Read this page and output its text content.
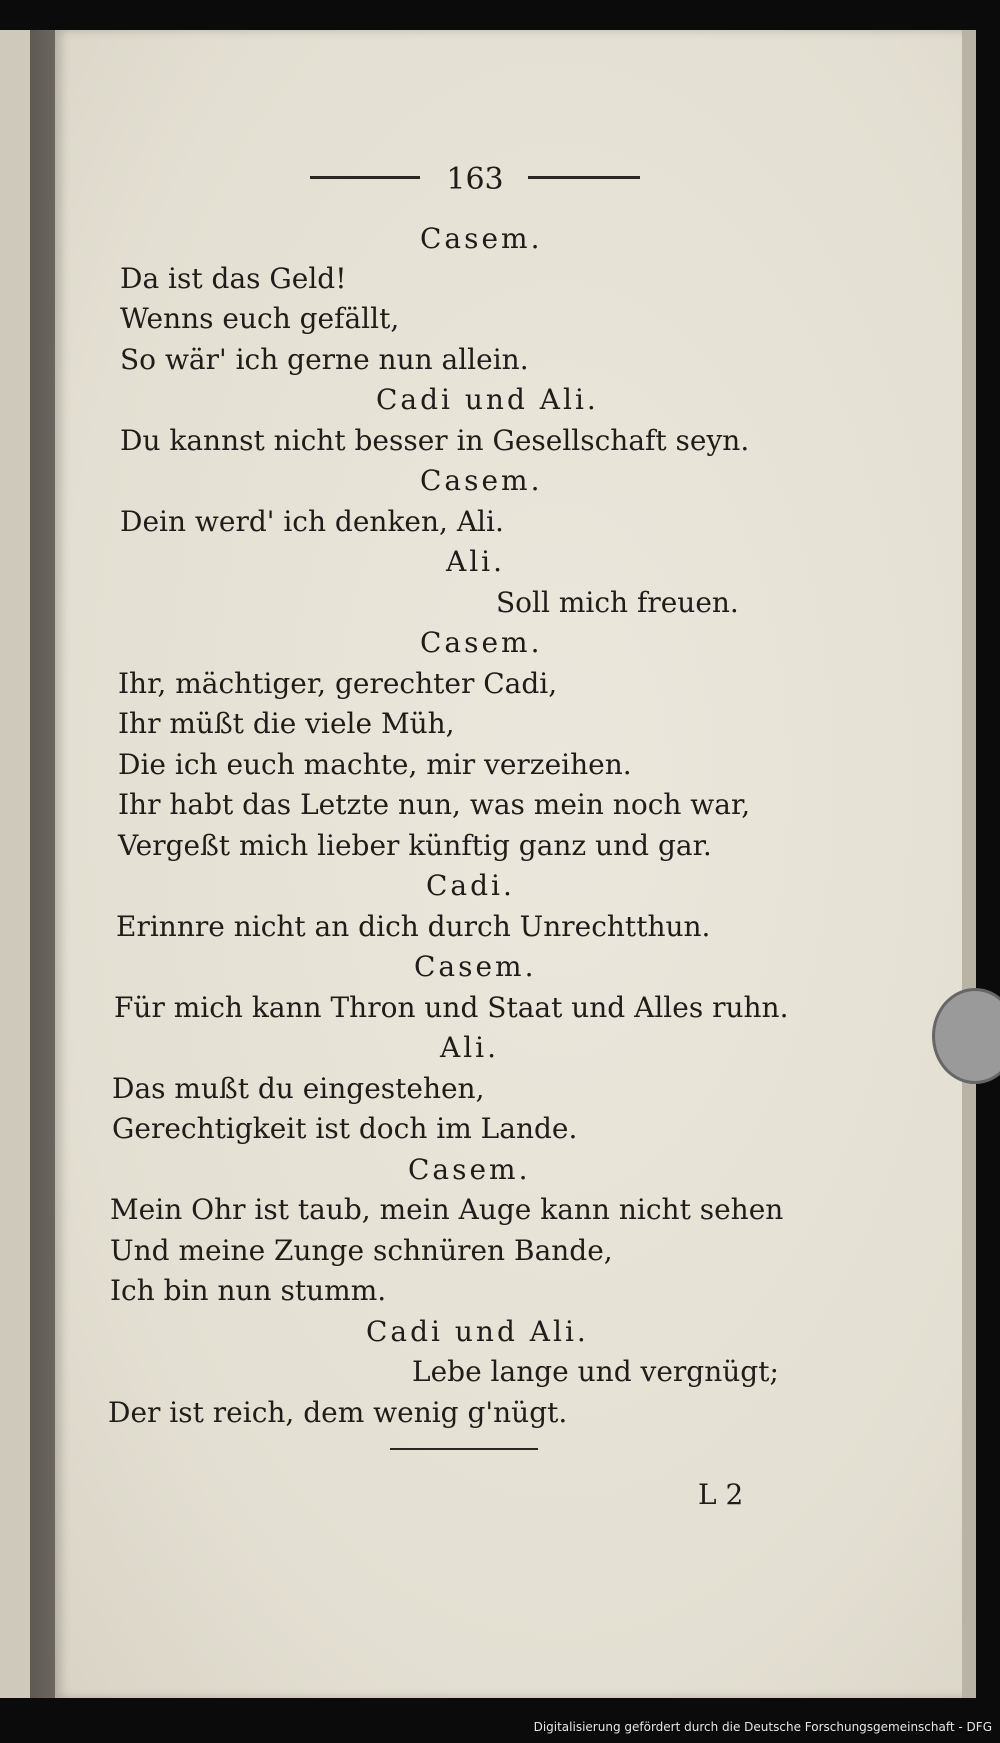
163
Casem.
Da ist das Geld!
Wenns euch gefällt,
So wär' ich gerne nun allein.
Cadi und Ali.
Du kannst nicht besser in Gesellschaft seyn.
Casem.
Dein werd' ich denken, Ali.
Ali.
Soll mich freuen.
Casem.
Ihr, mächtiger, gerechter Cadi,
Ihr müßt die viele Müh,
Die ich euch machte, mir verzeihen.
Ihr habt das Letzte nun, was mein noch war,
Vergeßt mich lieber künftig ganz und gar.
Cadi.
Erinnre nicht an dich durch Unrechtthun.
Casem.
Für mich kann Thron und Staat und Alles ruhn.
Ali.
Das mußt du eingestehen,
Gerechtigkeit ist doch im Lande.
Casem.
Mein Ohr ist taub, mein Auge kann nicht sehen
Und meine Zunge schnüren Bande,
Ich bin nun stumm.
Cadi und Ali.
Lebe lange und vergnügt;
Der ist reich, dem wenig g'nügt.
L 2
Digitalisierung gefördert durch die Deutsche Forschungsgemeinschaft - DFG
